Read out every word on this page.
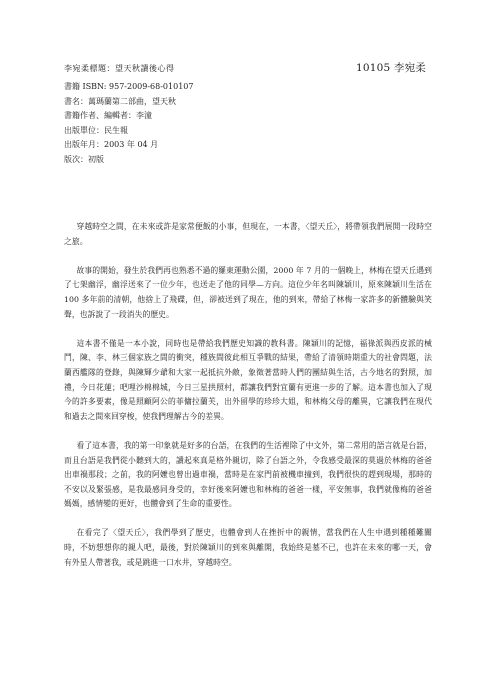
李宛柔標題：望天秋讀後心得	10105 李宛柔
書籍 ISBN: 957-2009-68-010107
書名：萬瑪蘭第二部曲，望天秋
書籍作者、編輯者：李潼
出版單位：民生報
出版年月：2003 年 04 月
版次：初版

穿越時空之間，在未來或許是家常便飯的小事，但現在，一本書，〈望天丘〉，將帶領我們展開一段時空之旅。

故事的開始，發生於我們再也熟悉不過的羅東運動公園，2000 年 7 月的一個晚上，林梅在望天丘遇到了七架幽浮，幽浮送來了一位少年，也送走了他的同學—方向。這位少年名叫陳穎川，原來陳穎川生活在 100 多年前的清朝，他捨上了飛碟，但，卻被送到了現在，他的到來，帶給了林梅一家許多的新體驗與笑聲，也訴說了一段消失的歷史。

這本書不僅是一本小說，同時也是帶給我們歷史知識的教科書。陳穎川的記憶，福祿派與西皮派的械鬥，陳、李、林三個家族之間的衝突，種族間彼此相互爭戰的結果，帶給了清領時期重大的社會問題，法蘭西艦隊的登錄，與陳輝少爺和大家一起抵抗外敵，象徵著當時人們的團結與生活，古今地名的對照，加禮，今日花蓮；吧哩沙棉棉城，今日三星拱照村，都讓我們對宜蘭有更進一步的了解。這本書也加入了現今的許多要素，像是照顧阿公的菲傭拉蘭芙，出外留學的珍珍大姐，和林梅父母的離異，它讓我們在現代和過去之間來回穿梭，使我們理解古今的差異。

看了這本書，我的第一印象就是好多的台語，在我們的生活裡除了中文外，第二常用的語言就是台語，而且台語是我們從小聽到大的，讀起來真是格外親切，除了台語之外，令我感受最深的莫過於林梅的爸爸出車禍那段；之前，我的阿嬤也曾出過車禍，當時是在家門前被機車撞到，我們很快的趕到現場，那時的不安以及緊張感，是我最感同身受的，幸好後來阿嬤也和林梅的爸爸一樣，平安無事，我們就像梅的爸爸媽媽，感情變的更好，也體會到了生命的重要性。

在看完了〈望天丘〉，我們學到了歷史，也體會到人在挫折中的親情，當我們在人生中遇到種種難關時，不妨想想你的親人吧，最後，對於陳穎川的到來與離開，我始終是墓不已，也許在未來的哪一天，會有外星人帶著我，或是跳進一口水井，穿越時空。
